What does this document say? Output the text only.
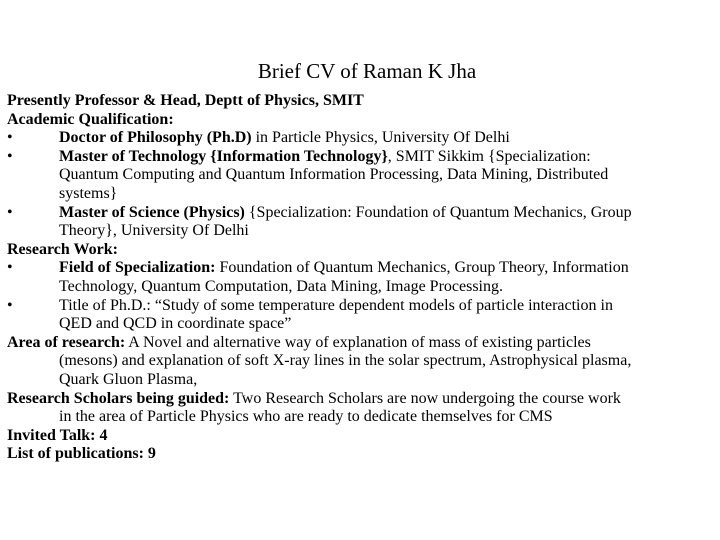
Brief CV of Raman K Jha
Presently Professor & Head, Deptt of Physics, SMIT
Academic Qualification:
•	Doctor of Philosophy (Ph.D) in Particle Physics, University Of Delhi
•	Master of Technology {Information Technology}, SMIT Sikkim {Specialization:
Quantum Computing and Quantum Information Processing, Data Mining, Distributed
systems}
•	Master of Science (Physics) {Specialization: Foundation of Quantum Mechanics, Group
Theory}, University Of Delhi
Research Work:
•	Field of Specialization: Foundation of Quantum Mechanics, Group Theory, Information
Technology, Quantum Computation, Data Mining, Image Processing.
•	Title of Ph.D.: “Study of some temperature dependent models of particle interaction in
QED and QCD in coordinate space”
Area of research: A Novel and alternative way of explanation of mass of existing particles
(mesons) and explanation of soft X-ray lines in the solar spectrum, Astrophysical plasma,
Quark Gluon Plasma,
Research Scholars being guided: Two Research Scholars are now undergoing the course work
in the area of Particle Physics who are ready to dedicate themselves for CMS
Invited Talk: 4
List of publications: 9
